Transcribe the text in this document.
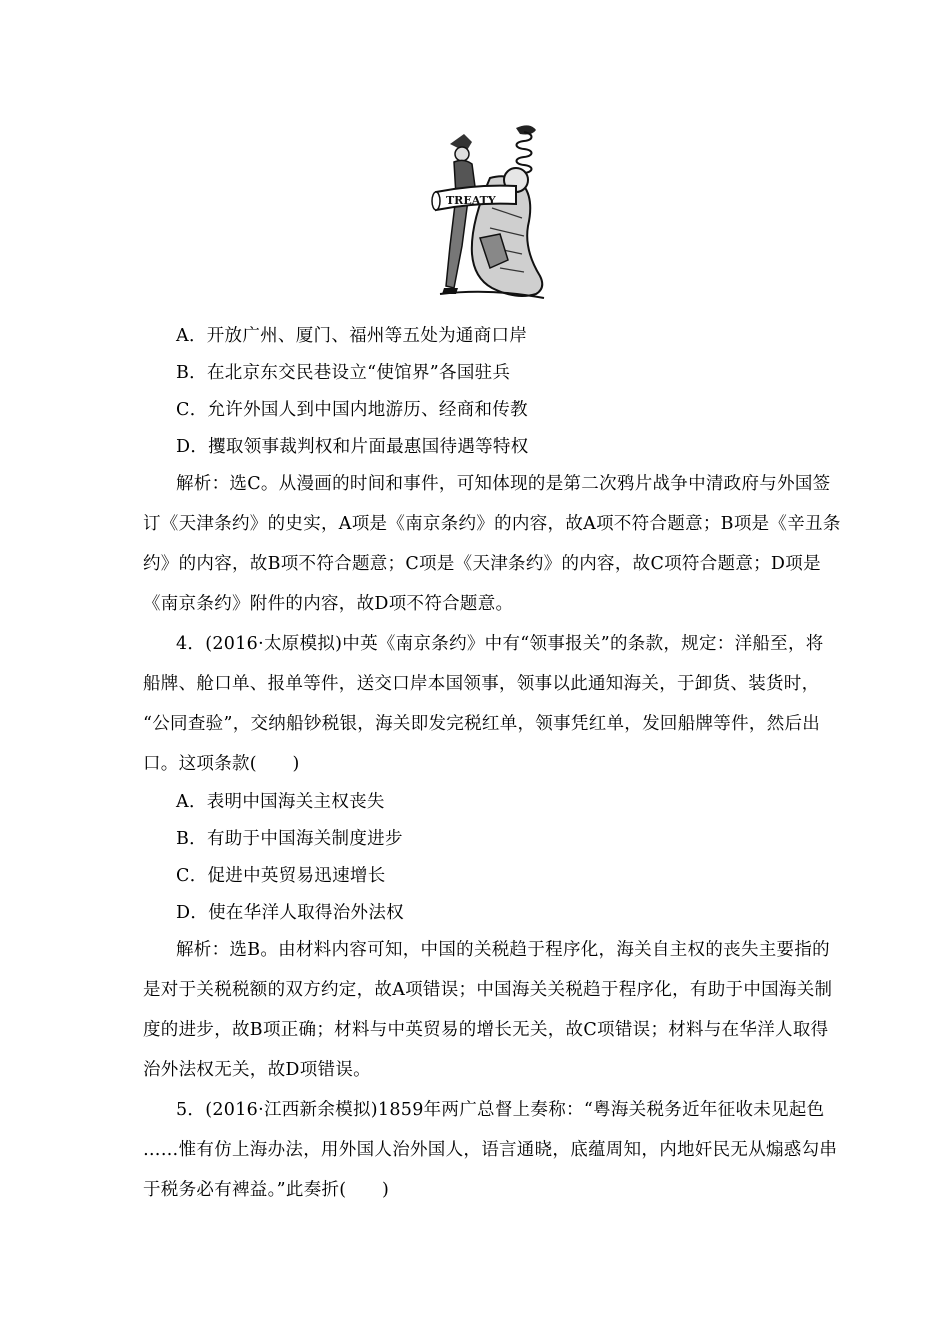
TREATY
A．开放广州、厦门、福州等五处为通商口岸
B．在北京东交民巷设立“使馆界”各国驻兵
C．允许外国人到中国内地游历、经商和传教
D．攫取领事裁判权和片面最惠国待遇等特权
解析：选C。从漫画的时间和事件，可知体现的是第二次鸦片战争中清政府与外国签
订《天津条约》的史实，A项是《南京条约》的内容，故A项不符合题意；B项是《辛丑条
约》的内容，故B项不符合题意；C项是《天津条约》的内容，故C项符合题意；D项是
《南京条约》附件的内容，故D项不符合题意。
4．(2016·太原模拟)中英《南京条约》中有“领事报关”的条款，规定：洋船至，将
船牌、舱口单、报单等件，送交口岸本国领事，领事以此通知海关，于卸货、装货时，
“公同查验”，交纳船钞税银，海关即发完税红单，领事凭红单，发回船牌等件，然后出
口。这项条款(　　)
A．表明中国海关主权丧失
B．有助于中国海关制度进步
C．促进中英贸易迅速增长
D．使在华洋人取得治外法权
解析：选B。由材料内容可知，中国的关税趋于程序化，海关自主权的丧失主要指的
是对于关税税额的双方约定，故A项错误；中国海关关税趋于程序化，有助于中国海关制
度的进步，故B项正确；材料与中英贸易的增长无关，故C项错误；材料与在华洋人取得
治外法权无关，故D项错误。
5．(2016·江西新余模拟)1859年两广总督上奏称：“粤海关税务近年征收未见起色
……惟有仿上海办法，用外国人治外国人，语言通晓，底蕴周知，内地奸民无从煽惑勾串
于税务必有裨益。”此奏折(　　)
